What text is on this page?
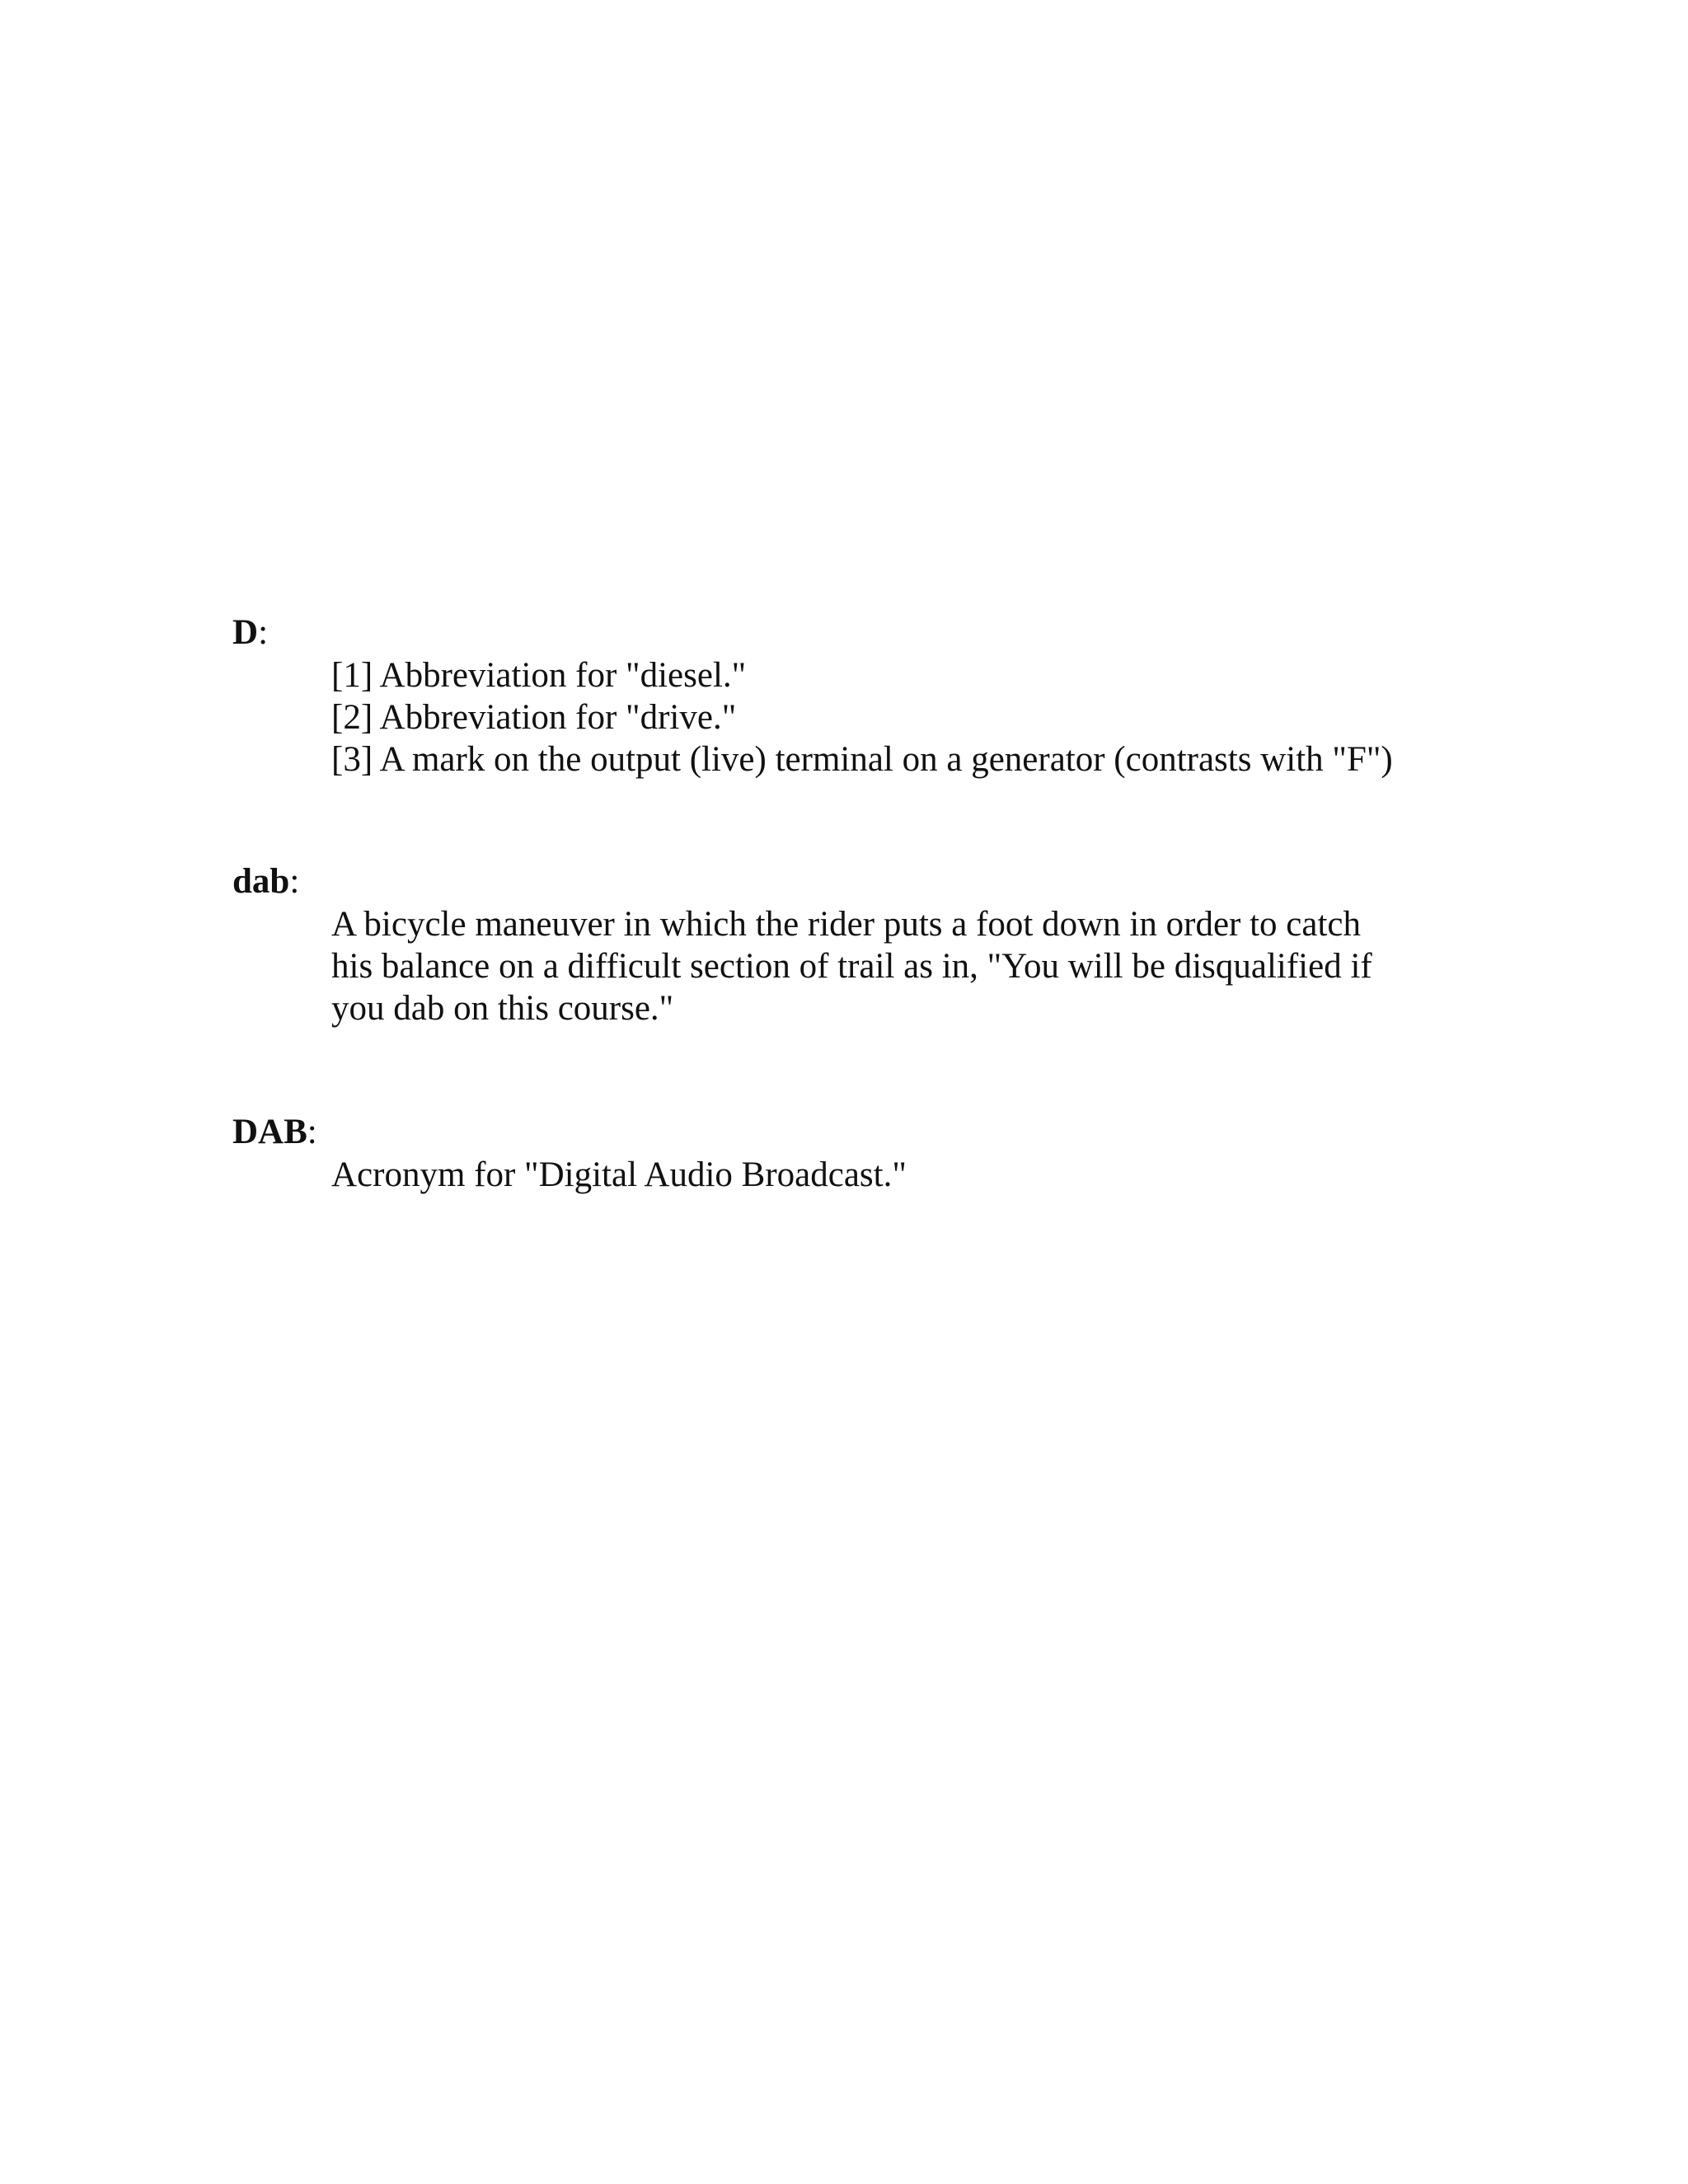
D:
[1] Abbreviation for "diesel."
[2] Abbreviation for "drive."
[3] A mark on the output (live) terminal on a generator (contrasts with "F")
dab:
A bicycle maneuver in which the rider puts a foot down in order to catch
his balance on a difficult section of trail as in, "You will be disqualified if
you dab on this course."
DAB:
Acronym for "Digital Audio Broadcast."
